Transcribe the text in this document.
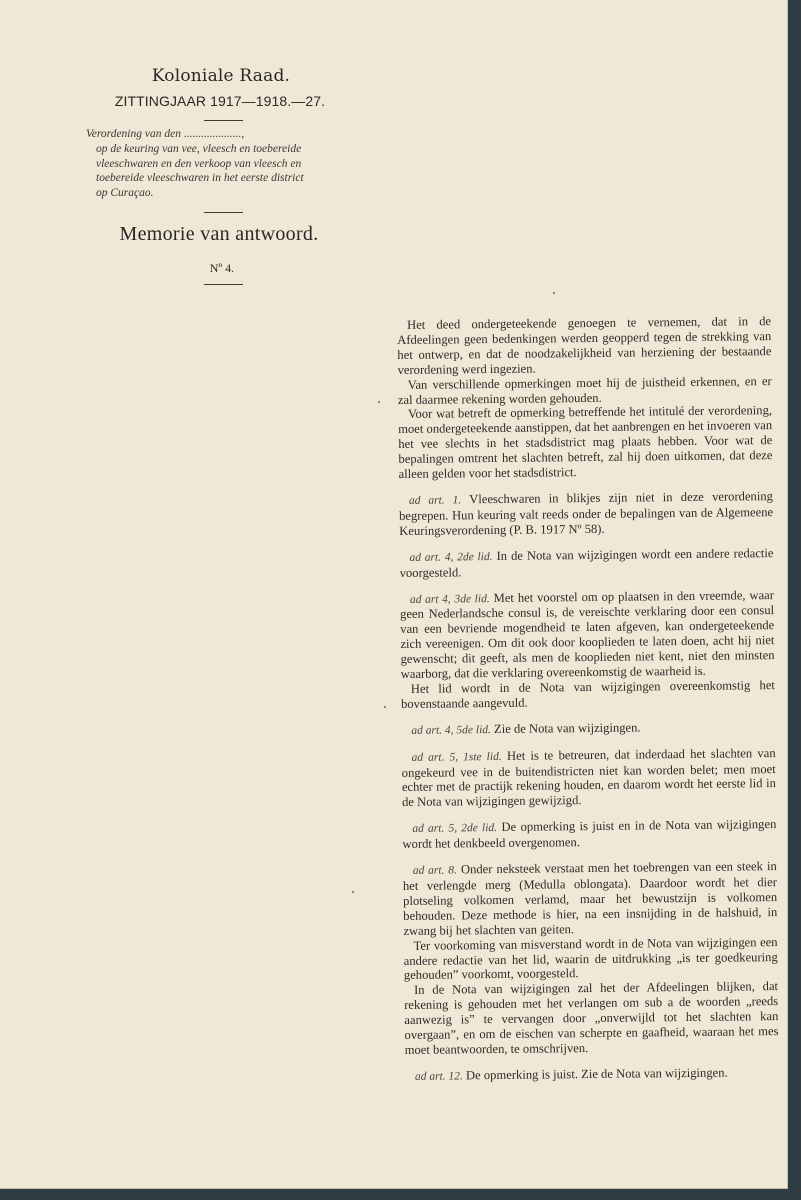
Koloniale Raad.
ZITTINGJAAR 1917—1918.—27.
Verordening van den ....................,
op de keuring van vee, vleesch en toebereide
vleeschwaren en den verkoop van vleesch en
toebereide vleeschwaren in het eerste district
op Curaçao.
Memorie van antwoord.
Nº 4.

Het deed ondergeteekende genoegen te vernemen, dat in de Afdeelingen geen bedenkingen werden geopperd tegen de strekking van het ontwerp, en dat de noodzakelijkheid van herziening der bestaande verordening werd ingezien.

Van verschillende opmerkingen moet hij de juistheid erkennen, en er zal daarmee rekening worden gehouden.

Voor wat betreft de opmerking betreffende het intitulé der verordening, moet ondergeteekende aanstippen, dat het aanbrengen en het invoeren van het vee slechts in het stadsdistrict mag plaats hebben. Voor wat de bepalingen omtrent het slachten betreft, zal hij doen uitkomen, dat deze alleen gelden voor het stadsdistrict.

ad art. 1. Vleeschwaren in blikjes zijn niet in deze verordening begrepen. Hun keuring valt reeds onder de bepalingen van de Algemeene Keuringsverordening (P. B. 1917 Nº 58).

ad art. 4, 2de lid. In de Nota van wijzigingen wordt een andere redactie voorgesteld.

ad art 4, 3de lid. Met het voorstel om op plaatsen in den vreemde, waar geen Nederlandsche consul is, de vereischte verklaring door een consul van een bevriende mogendheid te laten afgeven, kan ondergeteekende zich vereenigen. Om dit ook door kooplieden te laten doen, acht hij niet gewenscht; dit geeft, als men de kooplieden niet kent, niet den minsten waarborg, dat die verklaring overeenkomstig de waarheid is.

Het lid wordt in de Nota van wijzigingen overeenkomstig het bovenstaande aangevuld.

ad art. 4, 5de lid. Zie de Nota van wijzigingen.

ad art. 5, 1ste lid. Het is te betreuren, dat inderdaad het slachten van ongekeurd vee in de buitendistricten niet kan worden belet; men moet echter met de practijk rekening houden, en daarom wordt het eerste lid in de Nota van wijzigingen gewijzigd.

ad art. 5, 2de lid. De opmerking is juist en in de Nota van wijzigingen wordt het denkbeeld overgenomen.

ad art. 8. Onder neksteek verstaat men het toebrengen van een steek in het verlengde merg (Medulla oblongata). Daardoor wordt het dier plotseling volkomen verlamd, maar het bewustzijn is volkomen behouden. Deze methode is hier, na een insnijding in de halshuid, in zwang bij het slachten van geiten.

Ter voorkoming van misverstand wordt in de Nota van wijzigingen een andere redactie van het lid, waarin de uitdrukking „is ter goedkeuring gehouden” voorkomt, voorgesteld.

In de Nota van wijzigingen zal het der Afdeelingen blijken, dat rekening is gehouden met het verlangen om sub a de woorden „reeds aanwezig is” te vervangen door „onverwijld tot het slachten kan overgaan”, en om de eischen van scherpte en gaafheid, waaraan het mes moet beantwoorden, te omschrijven.

ad art. 12. De opmerking is juist. Zie de Nota van wijzigingen.
